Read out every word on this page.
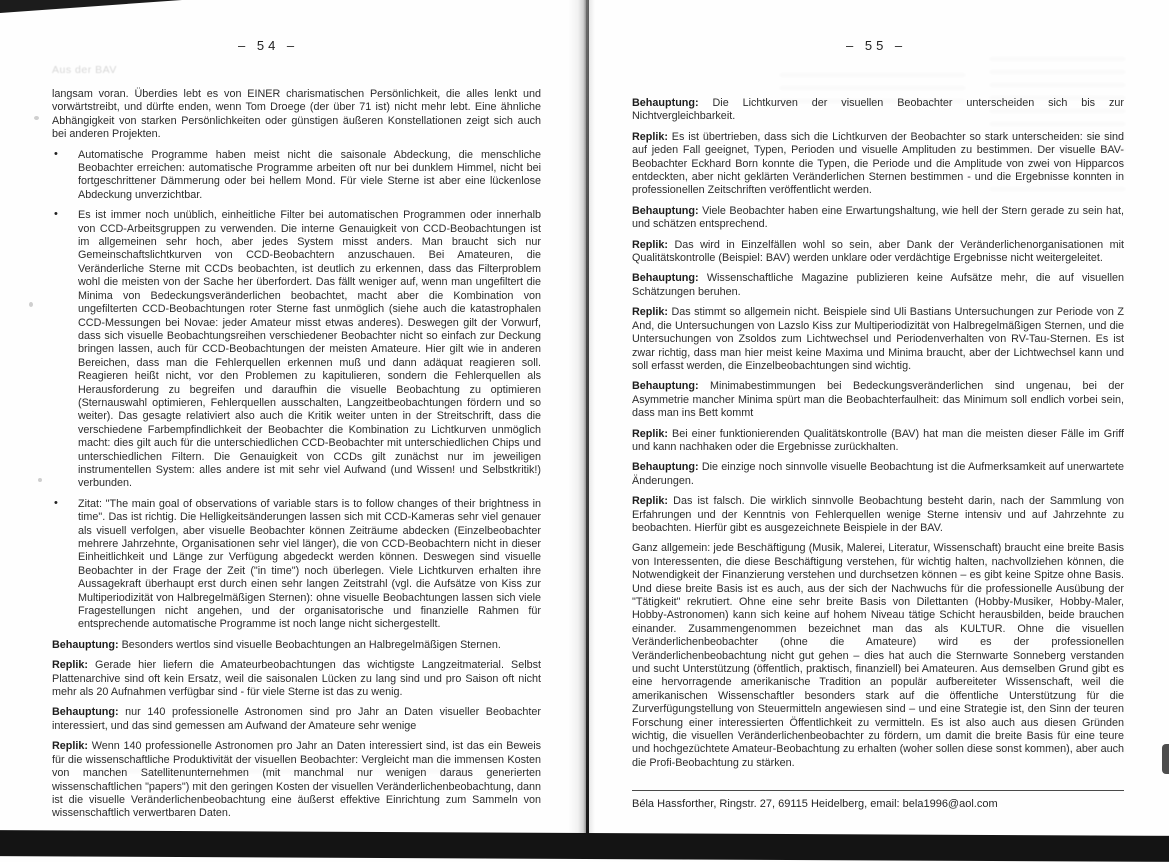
Aus der BAV
– 54 –	– 55 –

langsam voran. Überdies lebt es von EINER charismatischen Persönlichkeit, die alles lenkt und vorwärtstreibt, und dürfte enden, wenn Tom Droege (der über 71 ist) nicht mehr lebt. Eine ähnliche Abhängigkeit von starken Persönlichkeiten oder günstigen äußeren Konstellationen zeigt sich auch bei anderen Projekten.

• Automatische Programme haben meist nicht die saisonale Abdeckung, die menschliche Beobachter erreichen: automatische Programme arbeiten oft nur bei dunklem Himmel, nicht bei fortgeschrittener Dämmerung oder bei hellem Mond. Für viele Sterne ist aber eine lückenlose Abdeckung unverzichtbar.
• Es ist immer noch unüblich, einheitliche Filter bei automatischen Programmen oder innerhalb von CCD-Arbeitsgruppen zu verwenden. Die interne Genauigkeit von CCD-Beobachtungen ist im allgemeinen sehr hoch, aber jedes System misst anders. Man braucht sich nur Gemeinschaftslichtkurven von CCD-Beobachtern anzuschauen. Bei Amateuren, die Veränderliche Sterne mit CCDs beobachten, ist deutlich zu erkennen, dass das Filterproblem wohl die meisten von der Sache her überfordert. Das fällt weniger auf, wenn man ungefiltert die Minima von Bedeckungsveränderlichen beobachtet, macht aber die Kombination von ungefilterten CCD-Beobachtungen roter Sterne fast unmöglich (siehe auch die katastrophalen CCD-Messungen bei Novae: jeder Amateur misst etwas anderes). Deswegen gilt der Vorwurf, dass sich visuelle Beobachtungsreihen verschiedener Beobachter nicht so einfach zur Deckung bringen lassen, auch für CCD-Beobachtungen der meisten Amateure. Hier gilt wie in anderen Bereichen, dass man die Fehlerquellen erkennen muß und dann adäquat reagieren soll. Reagieren heißt nicht, vor den Problemen zu kapitulieren, sondern die Fehlerquellen als Herausforderung zu begreifen und daraufhin die visuelle Beobachtung zu optimieren (Sternauswahl optimieren, Fehlerquellen ausschalten, Langzeitbeobachtungen fördern und so weiter). Das gesagte relativiert also auch die Kritik weiter unten in der Streitschrift, dass die verschiedene Farbempfindlichkeit der Beobachter die Kombination zu Lichtkurven unmöglich macht: dies gilt auch für die unterschiedlichen CCD-Beobachter mit unterschiedlichen Chips und unterschiedlichen Filtern. Die Genauigkeit von CCDs gilt zunächst nur im jeweiligen instrumentellen System: alles andere ist mit sehr viel Aufwand (und Wissen! und Selbstkritik!) verbunden.
• Zitat: "The main goal of observations of variable stars is to follow changes of their brightness in time". Das ist richtig. Die Helligkeitsänderungen lassen sich mit CCD-Kameras sehr viel genauer als visuell verfolgen, aber visuelle Beobachter können Zeiträume abdecken (Einzelbeobachter mehrere Jahrzehnte, Organisationen sehr viel länger), die von CCD-Beobachtern nicht in dieser Einheitlichkeit und Länge zur Verfügung abgedeckt werden können. Deswegen sind visuelle Beobachter in der Frage der Zeit ("in time") noch überlegen. Viele Lichtkurven erhalten ihre Aussagekraft überhaupt erst durch einen sehr langen Zeitstrahl (vgl. die Aufsätze von Kiss zur Multiperiodizität von Halbregelmäßigen Sternen): ohne visuelle Beobachtungen lassen sich viele Fragestellungen nicht angehen, und der organisatorische und finanzielle Rahmen für entsprechende automatische Programme ist noch lange nicht sichergestellt.

Behauptung: Besonders wertlos sind visuelle Beobachtungen an Halbregelmäßigen Sternen.

Replik: Gerade hier liefern die Amateurbeobachtungen das wichtigste Langzeitmaterial. Selbst Plattenarchive sind oft kein Ersatz, weil die saisonalen Lücken zu lang sind und pro Saison oft nicht mehr als 20 Aufnahmen verfügbar sind - für viele Sterne ist das zu wenig.

Behauptung: nur 140 professionelle Astronomen sind pro Jahr an Daten visueller Beobachter interessiert, und das sind gemessen am Aufwand der Amateure sehr wenige

Replik: Wenn 140 professionelle Astronomen pro Jahr an Daten interessiert sind, ist das ein Beweis für die wissenschaftliche Produktivität der visuellen Beobachter: Vergleicht man die immensen Kosten von manchen Satellitenunternehmen (mit manchmal nur wenigen daraus generierten wissenschaftlichen "papers") mit den geringen Kosten der visuellen Veränderlichenbeobachtung, dann ist die visuelle Veränderlichenbeobachtung eine äußerst effektive Einrichtung zum Sammeln von wissenschaftlich verwertbaren Daten.

Behauptung: Die Lichtkurven der visuellen Beobachter unterscheiden sich bis zur Nichtvergleichbarkeit.

Replik: Es ist übertrieben, dass sich die Lichtkurven der Beobachter so stark unterscheiden: sie sind auf jeden Fall geeignet, Typen, Perioden und visuelle Amplituden zu bestimmen. Der visuelle BAV-Beobachter Eckhard Born konnte die Typen, die Periode und die Amplitude von zwei von Hipparcos entdeckten, aber nicht geklärten Veränderlichen Sternen bestimmen - und die Ergebnisse konnten in professionellen Zeitschriften veröffentlicht werden.

Behauptung: Viele Beobachter haben eine Erwartungshaltung, wie hell der Stern gerade zu sein hat, und schätzen entsprechend.

Replik: Das wird in Einzelfällen wohl so sein, aber Dank der Veränderlichenorganisationen mit Qualitätskontrolle (Beispiel: BAV) werden unklare oder verdächtige Ergebnisse nicht weitergeleitet.

Behauptung: Wissenschaftliche Magazine publizieren keine Aufsätze mehr, die auf visuellen Schätzungen beruhen.

Replik: Das stimmt so allgemein nicht. Beispiele sind Uli Bastians Untersuchungen zur Periode von Z And, die Untersuchungen von Lazslo Kiss zur Multiperiodizität von Halbregelmäßigen Sternen, und die Untersuchungen von Zsoldos zum Lichtwechsel und Periodenverhalten von RV-Tau-Sternen. Es ist zwar richtig, dass man hier meist keine Maxima und Minima braucht, aber der Lichtwechsel kann und soll erfasst werden, die Einzelbeobachtungen sind wichtig.

Behauptung: Minimabestimmungen bei Bedeckungsveränderlichen sind ungenau, bei der Asymmetrie mancher Minima spürt man die Beobachterfaulheit: das Minimum soll endlich vorbei sein, dass man ins Bett kommt

Replik: Bei einer funktionierenden Qualitätskontrolle (BAV) hat man die meisten dieser Fälle im Griff und kann nachhaken oder die Ergebnisse zurückhalten.

Behauptung: Die einzige noch sinnvolle visuelle Beobachtung ist die Aufmerksamkeit auf unerwartete Änderungen.

Replik: Das ist falsch. Die wirklich sinnvolle Beobachtung besteht darin, nach der Sammlung von Erfahrungen und der Kenntnis von Fehlerquellen wenige Sterne intensiv und auf Jahrzehnte zu beobachten. Hierfür gibt es ausgezeichnete Beispiele in der BAV.

Ganz allgemein: jede Beschäftigung (Musik, Malerei, Literatur, Wissenschaft) braucht eine breite Basis von Interessenten, die diese Beschäftigung verstehen, für wichtig halten, nachvollziehen können, die Notwendigkeit der Finanzierung verstehen und durchsetzen können – es gibt keine Spitze ohne Basis. Und diese breite Basis ist es auch, aus der sich der Nachwuchs für die professionelle Ausübung der "Tätigkeit" rekrutiert. Ohne eine sehr breite Basis von Dilettanten (Hobby-Musiker, Hobby-Maler, Hobby-Astronomen) kann sich keine auf hohem Niveau tätige Schicht herausbilden, beide brauchen einander. Zusammengenommen bezeichnet man das als KULTUR. Ohne die visuellen Veränderlichenbeobachter (ohne die Amateure) wird es der professionellen Veränderlichenbeobachtung nicht gut gehen – dies hat auch die Sternwarte Sonneberg verstanden und sucht Unterstützung (öffentlich, praktisch, finanziell) bei Amateuren. Aus demselben Grund gibt es eine hervorragende amerikanische Tradition an populär aufbereiteter Wissenschaft, weil die amerikanischen Wissenschaftler besonders stark auf die öffentliche Unterstützung für die Zurverfügungstellung von Steuermitteln angewiesen sind – und eine Strategie ist, den Sinn der teuren Forschung einer interessierten Öffentlichkeit zu vermitteln. Es ist also auch aus diesen Gründen wichtig, die visuellen Veränderlichenbeobachter zu fördern, um damit die breite Basis für eine teure und hochgezüchtete Amateur-Beobachtung zu erhalten (woher sollen diese sonst kommen), aber auch die Profi-Beobachtung zu stärken.

Béla Hassforther, Ringstr. 27, 69115 Heidelberg, email: bela1996@aol.com
